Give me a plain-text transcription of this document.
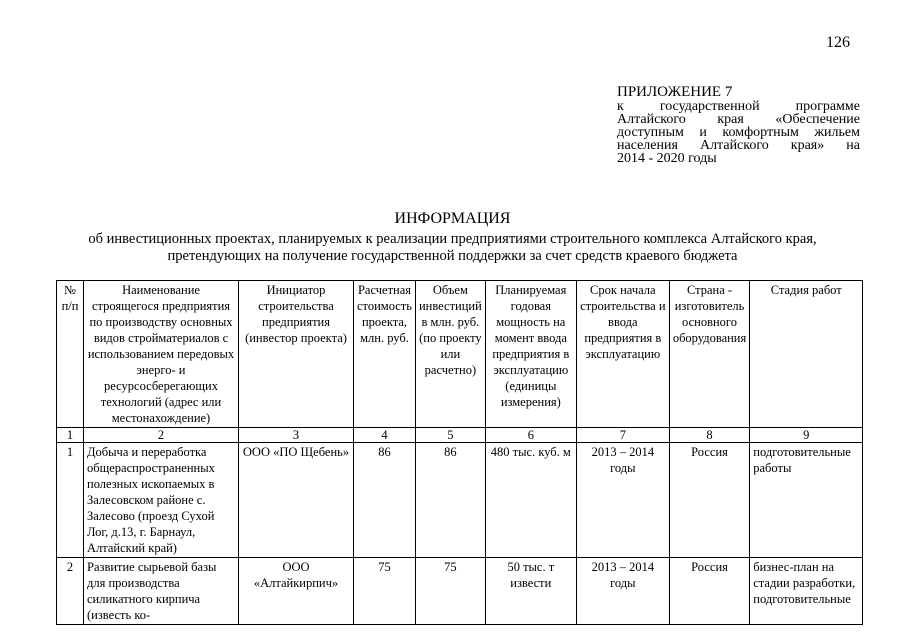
126
ПРИЛОЖЕНИЕ 7
к государственной программе Алтайского края «Обеспечение доступным и комфортным жильем населения Алтайского края» на
2014 - 2020 годы
ИНФОРМАЦИЯ
об инвестиционных проектах, планируемых к реализации предприятиями строительного комплекса Алтайского края,
претендующих на получение государственной поддержки за счет средств краевого бюджета
№ п/п	Наименование строящегося предприятия по производству основных видов стройматериалов с использованием передовых энерго- и ресурсосберегающих технологий (адрес или местонахождение)	Инициатор строительства предприятия (инвестор проекта)	Расчетная стоимость проекта, млн. руб.	Объем инвестиций в млн. руб. (по проекту или расчетно)	Планируемая годовая мощность на момент ввода предприятия в эксплуатацию (единицы измерения)	Срок начала строительства и ввода предприятия в эксплуатацию	Страна - изготовитель основного оборудования	Стадия работ
1	2	3	4	5	6	7	8	9
1	Добыча и переработка общераспространенных полезных ископаемых в Залесовском районе с. Залесово (проезд Сухой Лог, д.13, г. Барнаул, Алтайский край)	ООО «ПО Щебень»	86	86	480 тыс. куб. м	2013 – 2014 годы	Россия	подготовительные работы
2	Развитие сырьевой базы для производства силикатного кирпича (известь ко-	ООО «Алтайкирпич»	75	75	50 тыс. т извести	2013 – 2014 годы	Россия	бизнес-план на стадии разработки, подготовительные
